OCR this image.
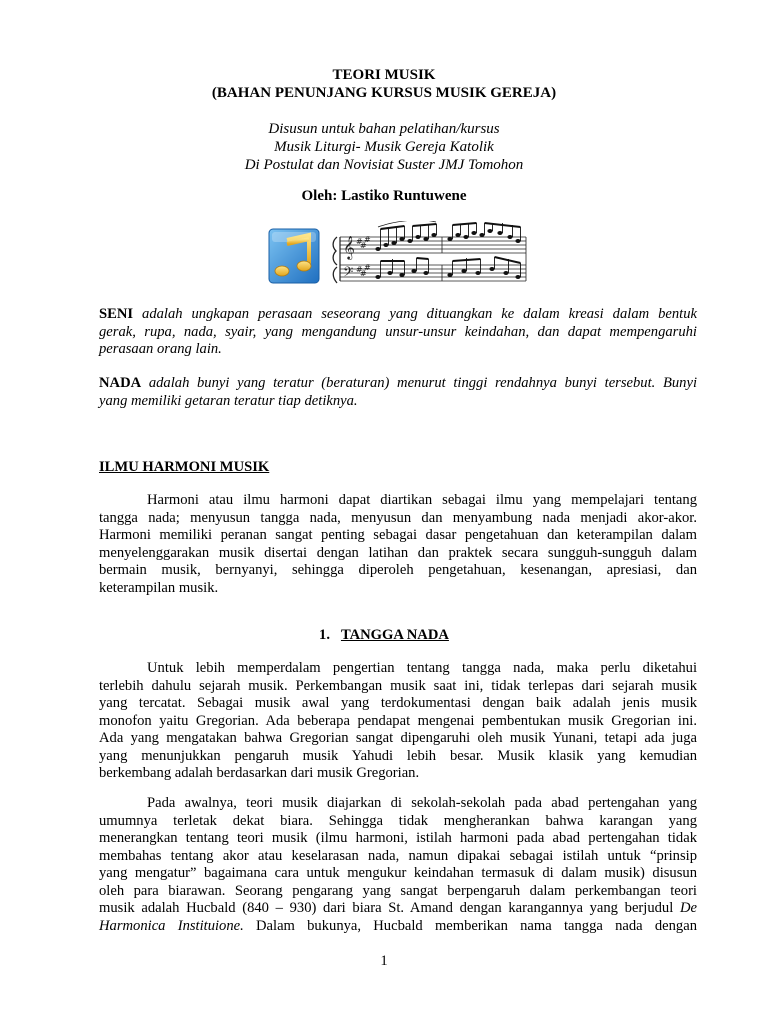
TEORI MUSIK
(BAHAN PENUNJANG KURSUS MUSIK GEREJA)
Disusun untuk bahan pelatihan/kursus
Musik Liturgi- Musik Gereja Katolik
Di Postulat dan Novisiat Suster JMJ Tomohon
Oleh: Lastiko Runtuwene
𝄞
𝄢
#
#
#
#
#
#
SENI adalah ungkapan perasaan seseorang yang dituangkan ke dalam kreasi dalam bentuk
gerak, rupa, nada, syair, yang mengandung unsur-unsur keindahan, dan dapat mempengaruhi
perasaan orang lain.
NADA adalah bunyi yang teratur (beraturan) menurut tinggi rendahnya bunyi tersebut. Bunyi
yang memiliki getaran teratur tiap detiknya.
ILMU HARMONI MUSIK
Harmoni atau ilmu harmoni dapat diartikan sebagai ilmu yang mempelajari tentang
tangga nada; menyusun tangga nada, menyusun dan menyambung nada menjadi akor-akor.
Harmoni memiliki peranan sangat penting sebagai dasar pengetahuan dan keterampilan dalam
menyelenggarakan musik disertai dengan latihan dan praktek secara sungguh-sungguh dalam
bermain musik, bernyanyi, sehingga diperoleh pengetahuan, kesenangan, apresiasi, dan
keterampilan musik.
1. TANGGA NADA
Untuk lebih memperdalam pengertian tentang tangga nada, maka perlu diketahui
terlebih dahulu sejarah musik. Perkembangan musik saat ini, tidak terlepas dari sejarah musik
yang tercatat. Sebagai musik awal yang terdokumentasi dengan baik adalah jenis musik
monofon yaitu Gregorian. Ada beberapa pendapat mengenai pembentukan musik Gregorian ini.
Ada yang mengatakan bahwa Gregorian sangat dipengaruhi oleh musik Yunani, tetapi ada juga
yang menunjukkan pengaruh musik Yahudi lebih besar. Musik klasik yang kemudian
berkembang adalah berdasarkan dari musik Gregorian.
Pada awalnya, teori musik diajarkan di sekolah-sekolah pada abad pertengahan yang
umumnya terletak dekat biara. Sehingga tidak mengherankan bahwa karangan yang
menerangkan tentang teori musik (ilmu harmoni, istilah harmoni pada abad pertengahan tidak
membahas tentang akor atau keselarasan nada, namun dipakai sebagai istilah untuk “prinsip
yang mengatur” bagaimana cara untuk mengukur keindahan termasuk di dalam musik) disusun
oleh para biarawan. Seorang pengarang yang sangat berpengaruh dalam perkembangan teori
musik adalah Hucbald (840 – 930) dari biara St. Amand dengan karangannya yang berjudul De
Harmonica Instituione. Dalam bukunya, Hucbald memberikan nama tangga nada dengan
1
